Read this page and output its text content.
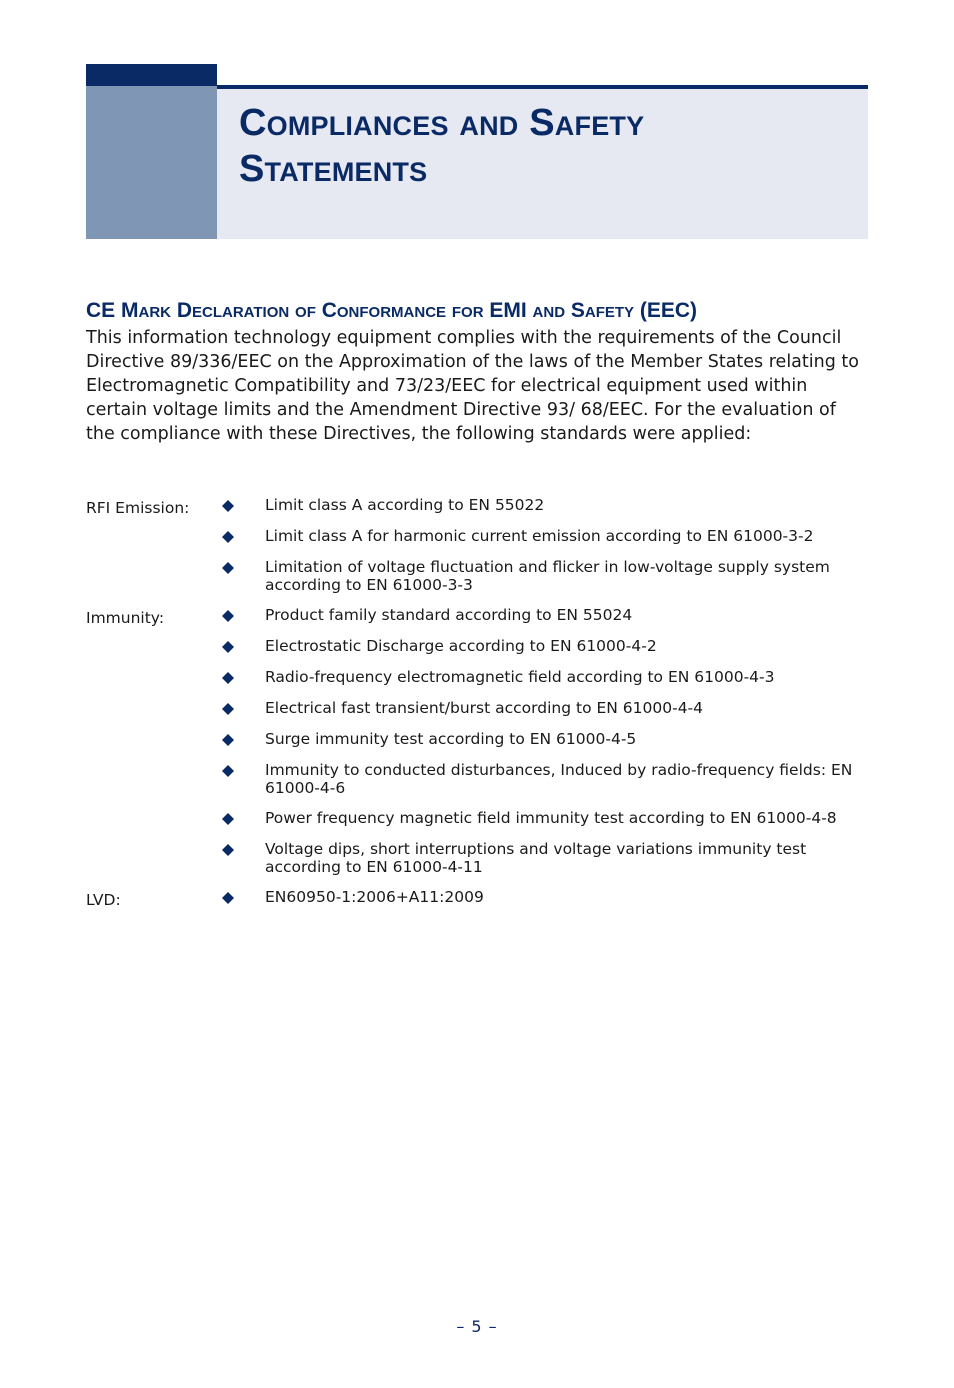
Compliances and Safety
Statements
CE Mark Declaration of Conformance for EMI and Safety (EEC)

This information technology equipment complies with the requirements of the Council Directive 89/336/EEC on the Approximation of the laws of the Member States relating to Electromagnetic Compatibility and 73/23/EEC for electrical equipment used within certain voltage limits and the Amendment Directive 93/ 68/EEC. For the evaluation of the compliance with these Directives, the following standards were applied:

RFI Emission:	Limit class A according to EN 55022
Limit class A for harmonic current emission according to EN 61000-3-2
Limitation of voltage fluctuation and flicker in low-voltage supply system according to EN 61000-3-3
Immunity:	Product family standard according to EN 55024
Electrostatic Discharge according to EN 61000-4-2
Radio-frequency electromagnetic field according to EN 61000-4-3
Electrical fast transient/burst according to EN 61000-4-4
Surge immunity test according to EN 61000-4-5
Immunity to conducted disturbances, Induced by radio-frequency fields: EN 61000-4-6
Power frequency magnetic field immunity test according to EN 61000-4-8
Voltage dips, short interruptions and voltage variations immunity test according to EN 61000-4-11
LVD:	EN60950-1:2006+A11:2009
– 5 –
